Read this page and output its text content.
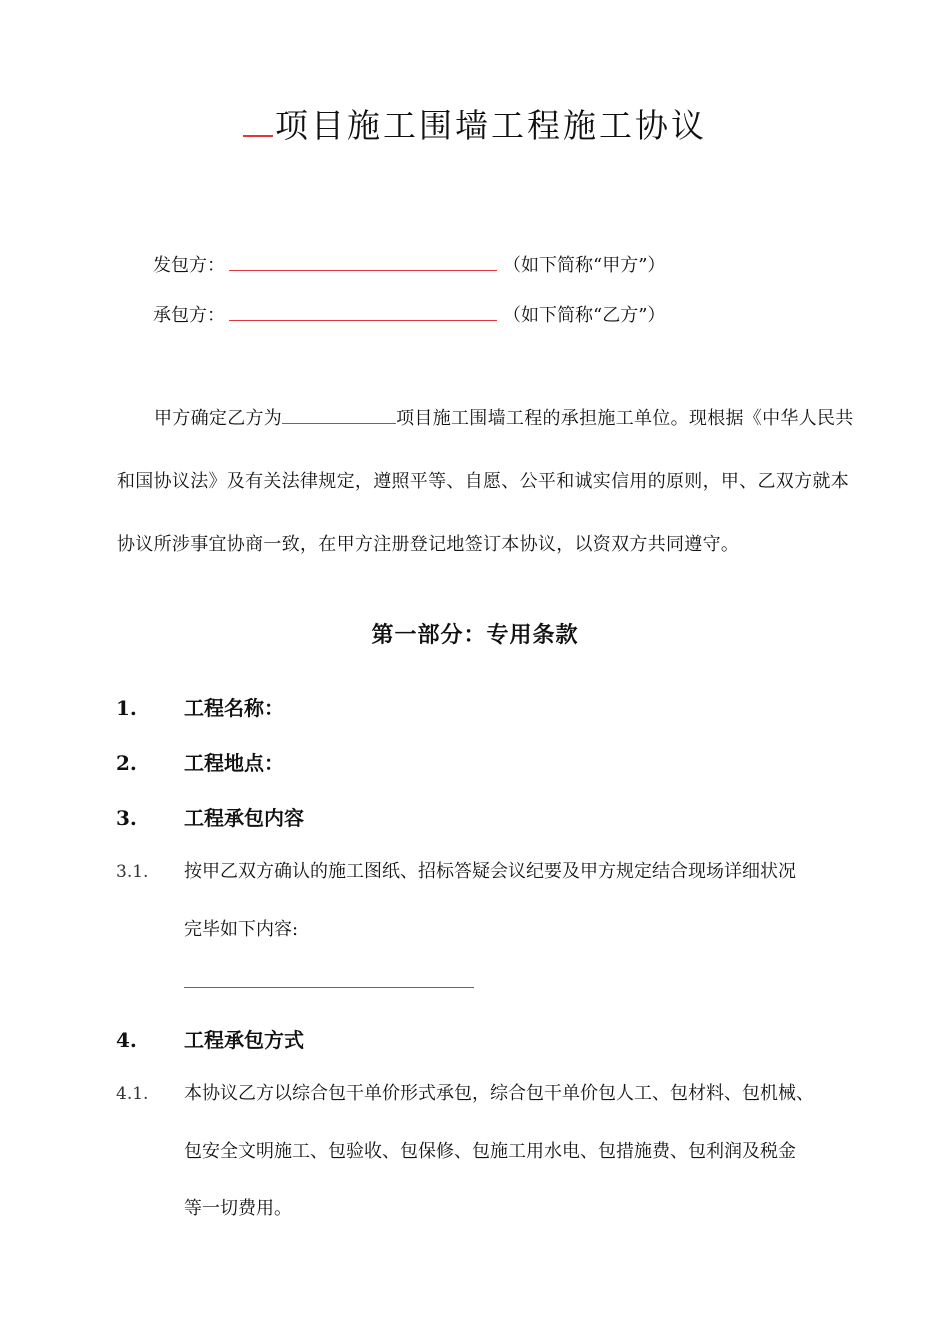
项目施工围墙工程施工协议
发包方：	（如下简称“甲方”）
承包方：	（如下简称“乙方”）
甲方确定乙方为	项目施工围墙工程的承担施工单位。现根据《中华人民共和国协议法》及有关法律规定，遵照平等、自愿、公平和诚实信用的原则，甲、乙双方就本协议所涉事宜协商一致，在甲方注册登记地签订本协议，以资双方共同遵守。
第一部分：专用条款
1. 工程名称：
2. 工程地点：
3. 工程承包内容
3.1. 按甲乙双方确认的施工图纸、招标答疑会议纪要及甲方规定结合现场详细状况
完毕如下内容:
4. 工程承包方式
4.1. 本协议乙方以综合包干单价形式承包，综合包干单价包人工、包材料、包机械、
包安全文明施工、包验收、包保修、包施工用水电、包措施费、包利润及税金
等一切费用。
